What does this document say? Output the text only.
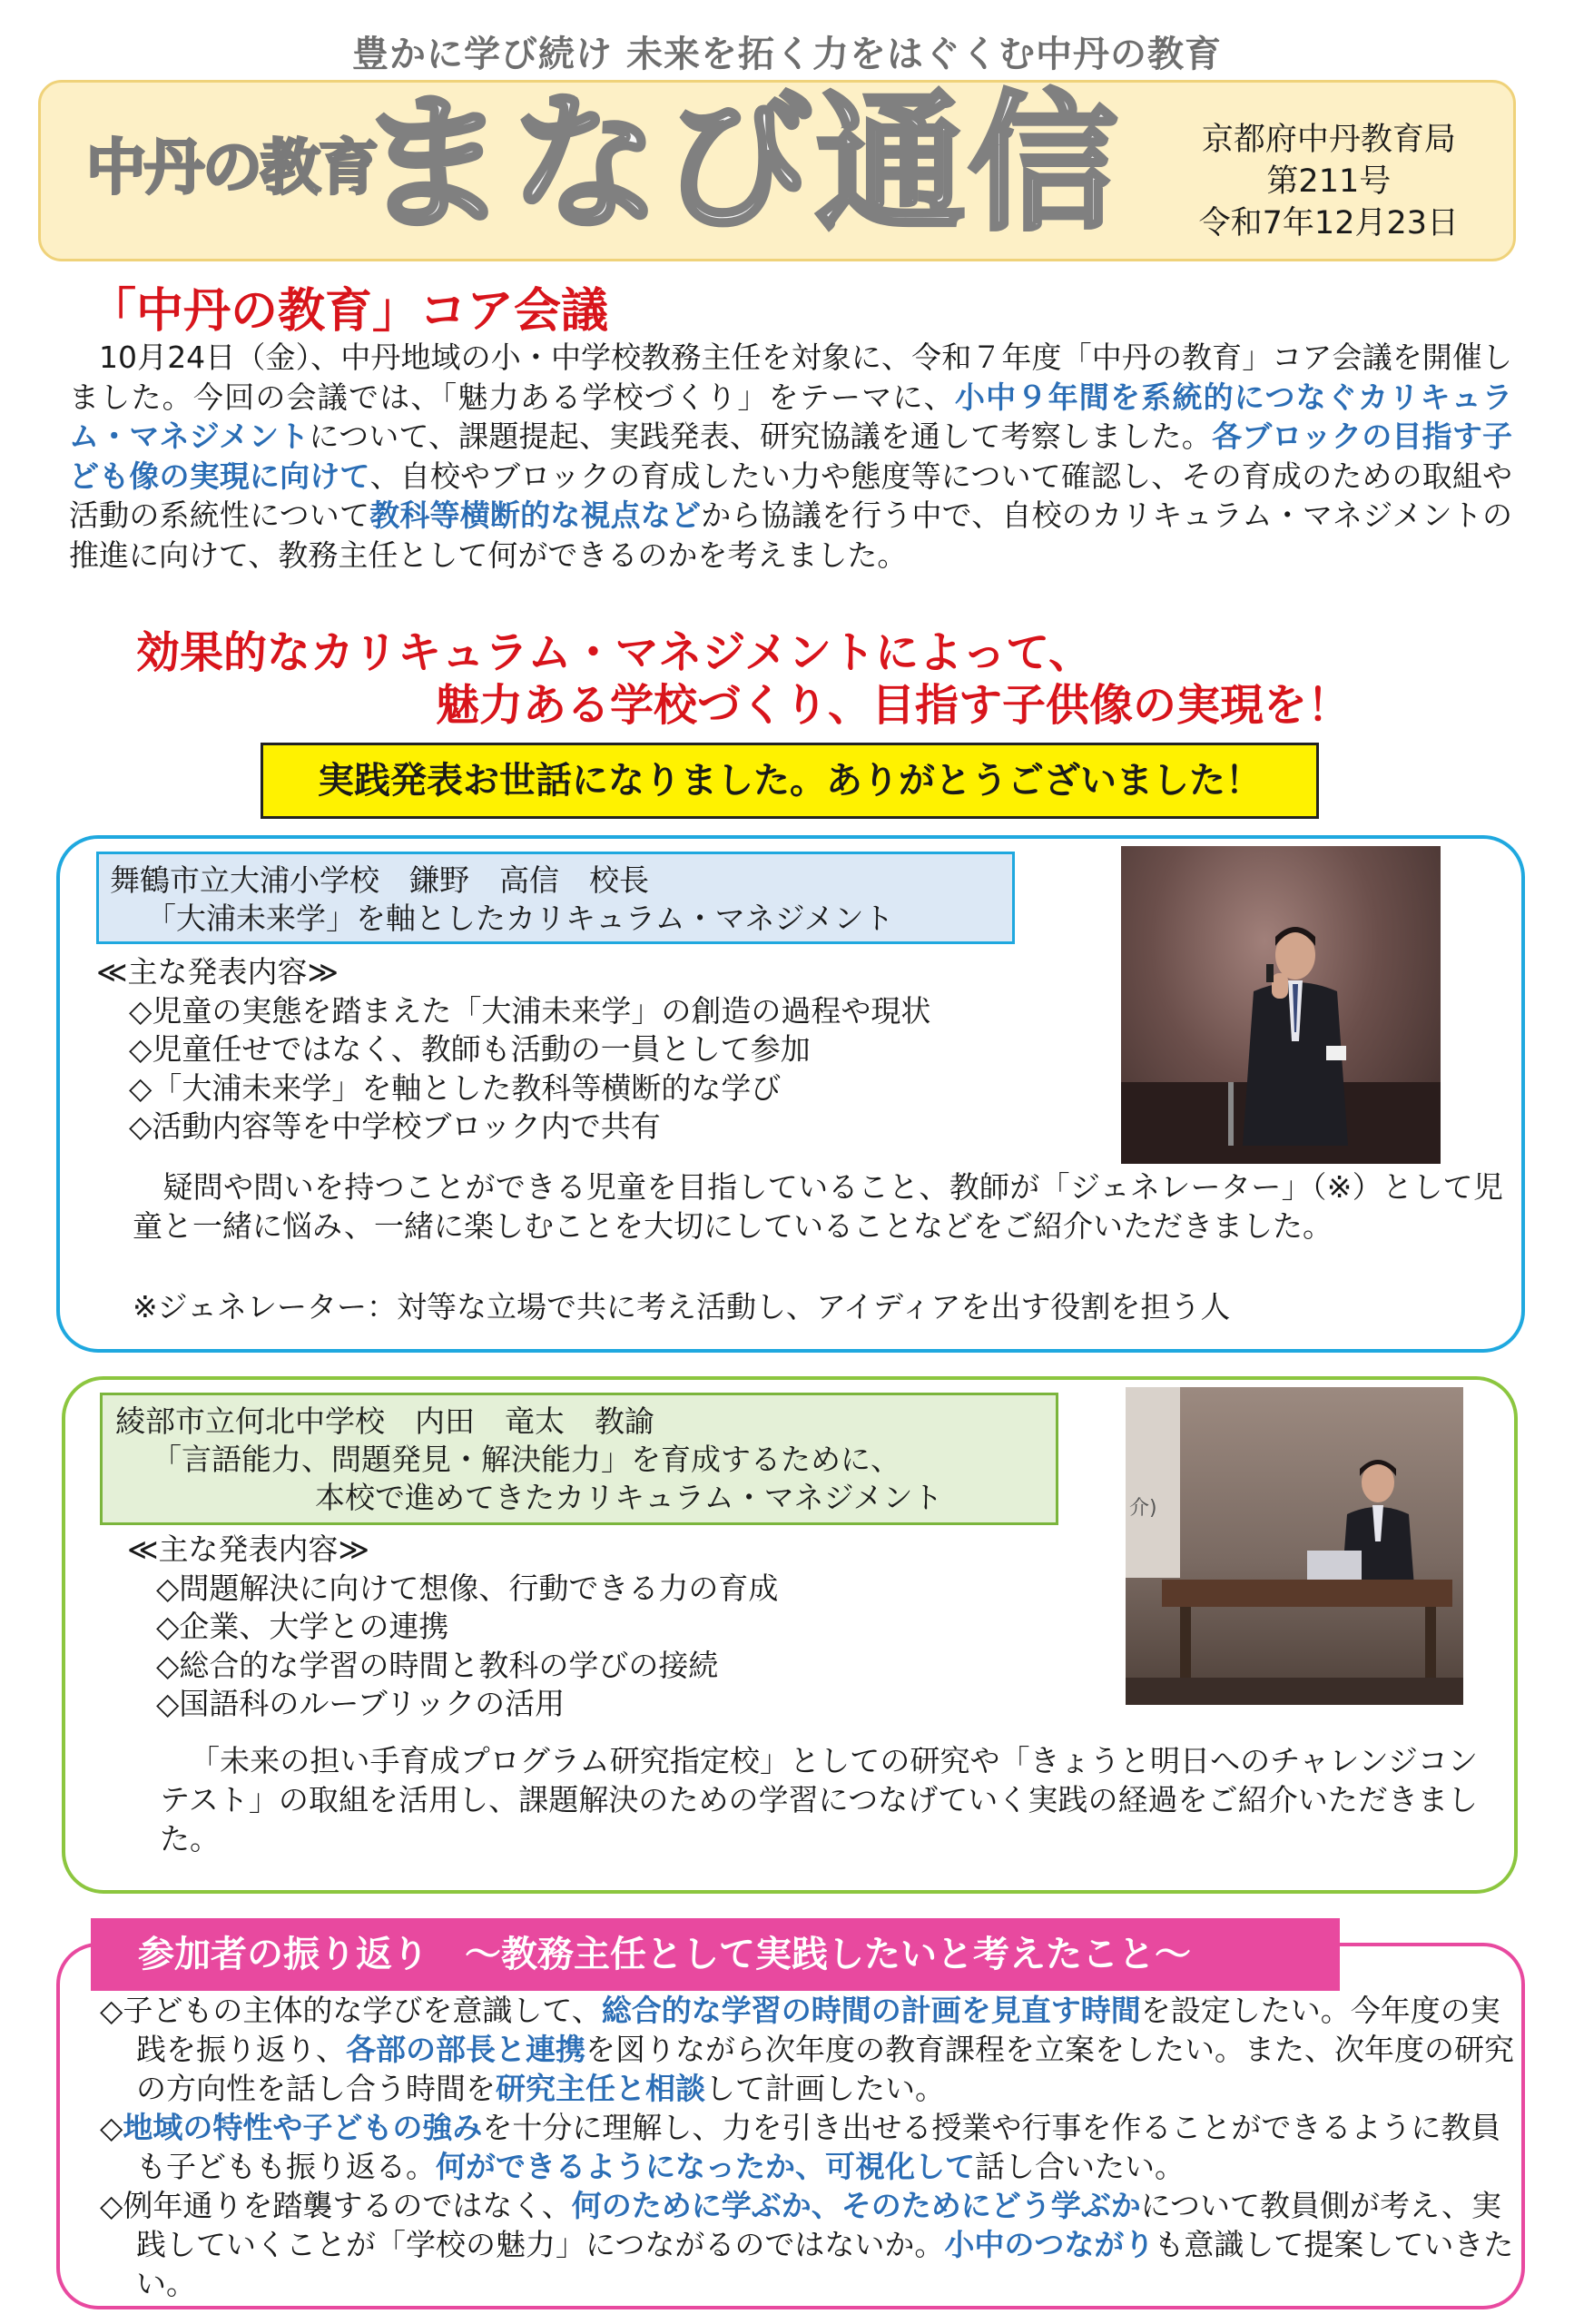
豊かに学び続け 未来を拓く力をはぐくむ中丹の教育
中丹の教育
まなび通信	京都府中丹教育局
第211号
令和7年12月23日
「中丹の教育」コア会議
 10月24日（金）、中丹地域の小・中学校教務主任を対象に、令和７年度「中丹の教育」コア会議を開催しました。今回の会議では、「魅力ある学校づくり」をテーマに、小中９年間を系統的につなぐカリキュラム・マネジメントについて、課題提起、実践発表、研究協議を通して考察しました。各ブロックの目指す子ども像の実現に向けて、自校やブロックの育成したい力や態度等について確認し、その育成のための取組や活動の系統性について教科等横断的な視点などから協議を行う中で、自校のカリキュラム・マネジメントの推進に向けて、教務主任として何ができるのかを考えました。
効果的なカリキュラム・マネジメントによって、
魅力ある学校づくり、目指す子供像の実現を！
実践発表お世話になりました。ありがとうございました！
舞鶴市立大浦小学校　鎌野　高信　校長
「大浦未来学」を軸としたカリキュラム・マネジメント
≪主な発表内容≫
◇児童の実態を踏まえた「大浦未来学」の創造の過程や現状
◇児童任せではなく、教師も活動の一員として参加
◇「大浦未来学」を軸とした教科等横断的な学び
◇活動内容等を中学校ブロック内で共有
 疑問や問いを持つことができる児童を目指していること、教師が「ジェネレーター」（※）として児童と一緒に悩み、一緒に楽しむことを大切にしていることなどをご紹介いただきました。
※ジェネレーター：対等な立場で共に考え活動し、アイディアを出す役割を担う人
綾部市立何北中学校　内田　竜太　教諭
「言語能力、問題発見・解決能力」を育成するために、
本校で進めてきたカリキュラム・マネジメント
≪主な発表内容≫
◇問題解決に向けて想像、行動できる力の育成
◇企業、大学との連携
◇総合的な学習の時間と教科の学びの接続
◇国語科のルーブリックの活用
介)
 「未来の担い手育成プログラム研究指定校」としての研究や「きょうと明日へのチャレンジコンテスト」の取組を活用し、課題解決のための学習につなげていく実践の経過をご紹介いただきました。
参加者の振り返り　～教務主任として実践したいと考えたこと～

◇子どもの主体的な学びを意識して、総合的な学習の時間の計画を見直す時間を設定したい。今年度の実践を振り返り、各部の部長と連携を図りながら次年度の教育課程を立案をしたい。また、次年度の研究の方向性を話し合う時間を研究主任と相談して計画したい。

◇地域の特性や子どもの強みを十分に理解し、力を引き出せる授業や行事を作ることができるように教員も子どもも振り返る。何ができるようになったか、可視化して話し合いたい。

◇例年通りを踏襲するのではなく、何のために学ぶか、そのためにどう学ぶかについて教員側が考え、実践していくことが「学校の魅力」につながるのではないか。小中のつながりも意識して提案していきたい。
